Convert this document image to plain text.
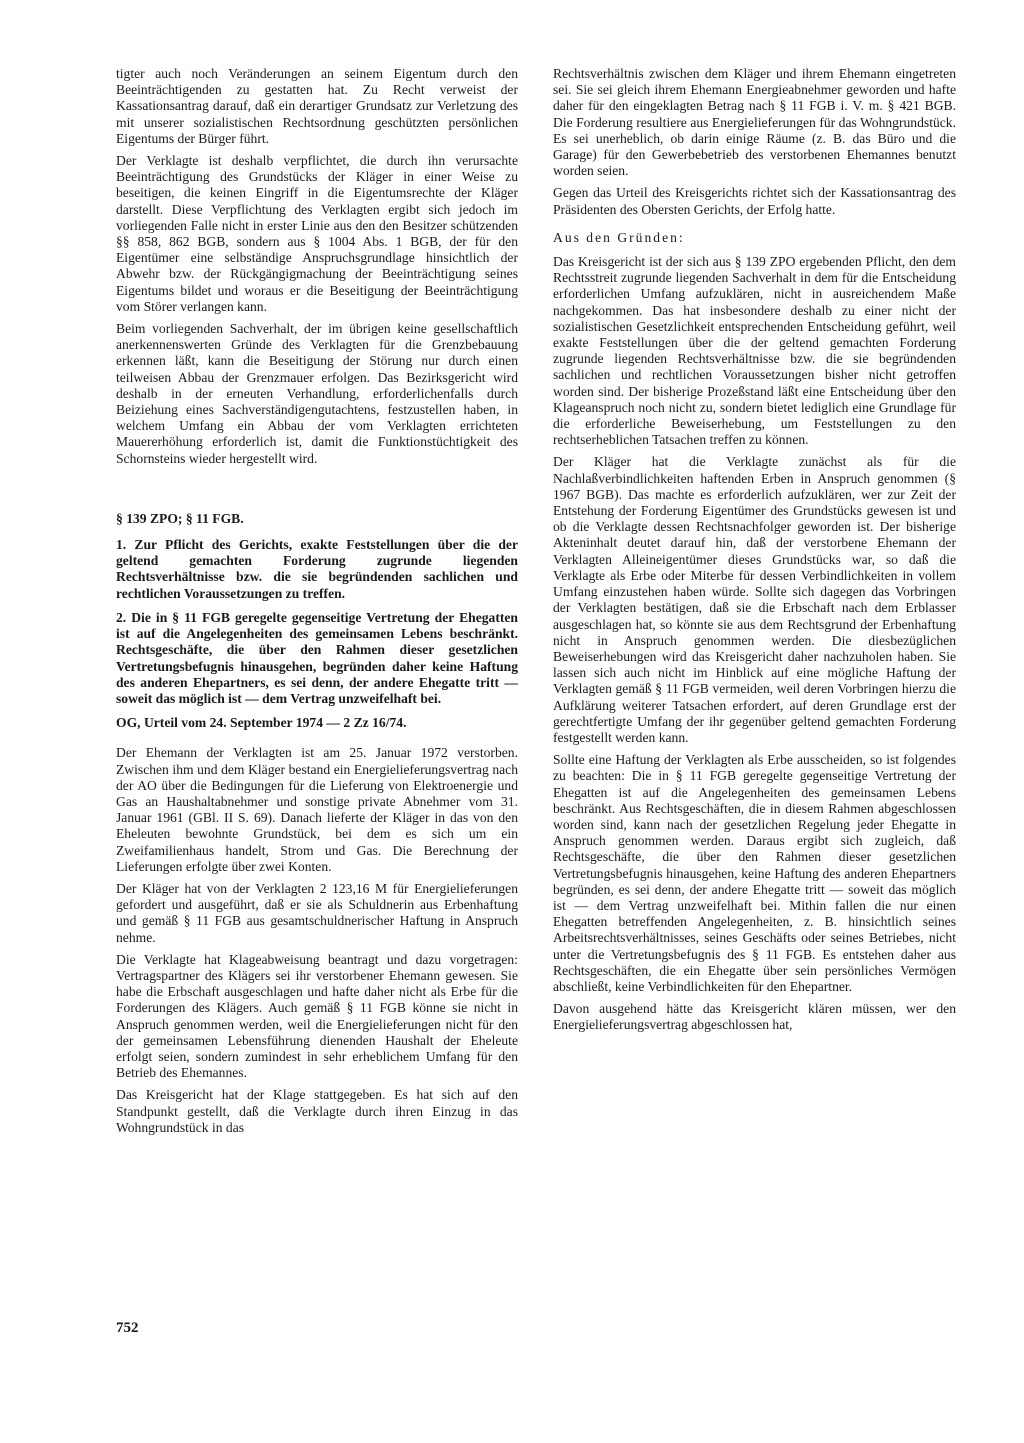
tigter auch noch Veränderungen an seinem Eigentum durch den Beeinträchtigenden zu gestatten hat. Zu Recht verweist der Kassationsantrag darauf, daß ein derartiger Grundsatz zur Verletzung des mit unserer sozialistischen Rechtsordnung geschützten persönlichen Eigentums der Bürger führt.

Der Verklagte ist deshalb verpflichtet, die durch ihn verursachte Beeinträchtigung des Grundstücks der Kläger in einer Weise zu beseitigen, die keinen Eingriff in die Eigentumsrechte der Kläger darstellt. Diese Verpflichtung des Verklagten ergibt sich jedoch im vorliegenden Falle nicht in erster Linie aus den den Besitzer schützenden §§ 858, 862 BGB, sondern aus § 1004 Abs. 1 BGB, der für den Eigentümer eine selbständige Anspruchsgrundlage hinsichtlich der Abwehr bzw. der Rückgängigmachung der Beeinträchtigung seines Eigentums bildet und woraus er die Beseitigung der Beeinträchtigung vom Störer verlangen kann.

Beim vorliegenden Sachverhalt, der im übrigen keine gesellschaftlich anerkennenswerten Gründe des Verklagten für die Grenzbebauung erkennen läßt, kann die Beseitigung der Störung nur durch einen teilweisen Abbau der Grenzmauer erfolgen. Das Bezirksgericht wird deshalb in der erneuten Verhandlung, erforderlichenfalls durch Beiziehung eines Sachverständigengutachtens, festzustellen haben, in welchem Umfang ein Abbau der vom Verklagten errichteten Mauererhöhung erforderlich ist, damit die Funktionstüchtigkeit des Schornsteins wieder hergestellt wird.

§ 139 ZPO; § 11 FGB.

1. Zur Pflicht des Gerichts, exakte Feststellungen über die der geltend gemachten Forderung zugrunde liegenden Rechtsverhältnisse bzw. die sie begründenden sachlichen und rechtlichen Voraussetzungen zu treffen.

2. Die in § 11 FGB geregelte gegenseitige Vertretung der Ehegatten ist auf die Angelegenheiten des gemeinsamen Lebens beschränkt. Rechtsgeschäfte, die über den Rahmen dieser gesetzlichen Vertretungsbefugnis hinausgehen, begründen daher keine Haftung des anderen Ehepartners, es sei denn, der andere Ehegatte tritt — soweit das möglich ist — dem Vertrag unzweifelhaft bei.

OG, Urteil vom 24. September 1974 — 2 Zz 16/74.

Der Ehemann der Verklagten ist am 25. Januar 1972 verstorben. Zwischen ihm und dem Kläger bestand ein Energielieferungsvertrag nach der AO über die Bedingungen für die Lieferung von Elektroenergie und Gas an Haushaltabnehmer und sonstige private Abnehmer vom 31. Januar 1961 (GBl. II S. 69). Danach lieferte der Kläger in das von den Eheleuten bewohnte Grundstück, bei dem es sich um ein Zweifamilienhaus handelt, Strom und Gas. Die Berechnung der Lieferungen erfolgte über zwei Konten.

Der Kläger hat von der Verklagten 2 123,16 M für Energielieferungen gefordert und ausgeführt, daß er sie als Schuldnerin aus Erbenhaftung und gemäß § 11 FGB aus gesamtschuldnerischer Haftung in Anspruch nehme.

Die Verklagte hat Klageabweisung beantragt und dazu vorgetragen: Vertragspartner des Klägers sei ihr verstorbener Ehemann gewesen. Sie habe die Erbschaft ausgeschlagen und hafte daher nicht als Erbe für die Forderungen des Klägers. Auch gemäß § 11 FGB könne sie nicht in Anspruch genommen werden, weil die Energielieferungen nicht für den der gemeinsamen Lebensführung dienenden Haushalt der Eheleute erfolgt seien, sondern zumindest in sehr erheblichem Umfang für den Betrieb des Ehemannes.

Das Kreisgericht hat der Klage stattgegeben. Es hat sich auf den Standpunkt gestellt, daß die Verklagte durch ihren Einzug in das Wohngrundstück in das

Rechtsverhältnis zwischen dem Kläger und ihrem Ehemann eingetreten sei. Sie sei gleich ihrem Ehemann Energieabnehmer geworden und hafte daher für den eingeklagten Betrag nach § 11 FGB i. V. m. § 421 BGB. Die Forderung resultiere aus Energielieferungen für das Wohngrundstück. Es sei unerheblich, ob darin einige Räume (z. B. das Büro und die Garage) für den Gewerbebetrieb des verstorbenen Ehemannes benutzt worden seien.

Gegen das Urteil des Kreisgerichts richtet sich der Kassationsantrag des Präsidenten des Obersten Gerichts, der Erfolg hatte.

Aus den Gründen:

Das Kreisgericht ist der sich aus § 139 ZPO ergebenden Pflicht, den dem Rechtsstreit zugrunde liegenden Sachverhalt in dem für die Entscheidung erforderlichen Umfang aufzuklären, nicht in ausreichendem Maße nachgekommen. Das hat insbesondere deshalb zu einer nicht der sozialistischen Gesetzlichkeit entsprechenden Entscheidung geführt, weil exakte Feststellungen über die der geltend gemachten Forderung zugrunde liegenden Rechtsverhältnisse bzw. die sie begründenden sachlichen und rechtlichen Voraussetzungen bisher nicht getroffen worden sind. Der bisherige Prozeßstand läßt eine Entscheidung über den Klageanspruch noch nicht zu, sondern bietet lediglich eine Grundlage für die erforderliche Beweiserhebung, um Feststellungen zu den rechtserheblichen Tatsachen treffen zu können.

Der Kläger hat die Verklagte zunächst als für die Nachlaßverbindlichkeiten haftenden Erben in Anspruch genommen (§ 1967 BGB). Das machte es erforderlich aufzuklären, wer zur Zeit der Entstehung der Forderung Eigentümer des Grundstücks gewesen ist und ob die Verklagte dessen Rechtsnachfolger geworden ist. Der bisherige Akteninhalt deutet darauf hin, daß der verstorbene Ehemann der Verklagten Alleineigentümer dieses Grundstücks war, so daß die Verklagte als Erbe oder Miterbe für dessen Verbindlichkeiten in vollem Umfang einzustehen haben würde. Sollte sich dagegen das Vorbringen der Verklagten bestätigen, daß sie die Erbschaft nach dem Erblasser ausgeschlagen hat, so könnte sie aus dem Rechtsgrund der Erbenhaftung nicht in Anspruch genommen werden. Die diesbezüglichen Beweiserhebungen wird das Kreisgericht daher nachzuholen haben. Sie lassen sich auch nicht im Hinblick auf eine mögliche Haftung der Verklagten gemäß § 11 FGB vermeiden, weil deren Vorbringen hierzu die Aufklärung weiterer Tatsachen erfordert, auf deren Grundlage erst der gerechtfertigte Umfang der ihr gegenüber geltend gemachten Forderung festgestellt werden kann.

Sollte eine Haftung der Verklagten als Erbe ausscheiden, so ist folgendes zu beachten: Die in § 11 FGB geregelte gegenseitige Vertretung der Ehegatten ist auf die Angelegenheiten des gemeinsamen Lebens beschränkt. Aus Rechtsgeschäften, die in diesem Rahmen abgeschlossen worden sind, kann nach der gesetzlichen Regelung jeder Ehegatte in Anspruch genommen werden. Daraus ergibt sich zugleich, daß Rechtsgeschäfte, die über den Rahmen dieser gesetzlichen Vertretungsbefugnis hinausgehen, keine Haftung des anderen Ehepartners begründen, es sei denn, der andere Ehegatte tritt — soweit das möglich ist — dem Vertrag unzweifelhaft bei. Mithin fallen die nur einen Ehegatten betreffenden Angelegenheiten, z. B. hinsichtlich seines Arbeitsrechtsverhältnisses, seines Geschäfts oder seines Betriebes, nicht unter die Vertretungsbefugnis des § 11 FGB. Es entstehen daher aus Rechtsgeschäften, die ein Ehegatte über sein persönliches Vermögen abschließt, keine Verbindlichkeiten für den Ehepartner.

Davon ausgehend hätte das Kreisgericht klären müssen, wer den Energielieferungsvertrag abgeschlossen hat,

752
